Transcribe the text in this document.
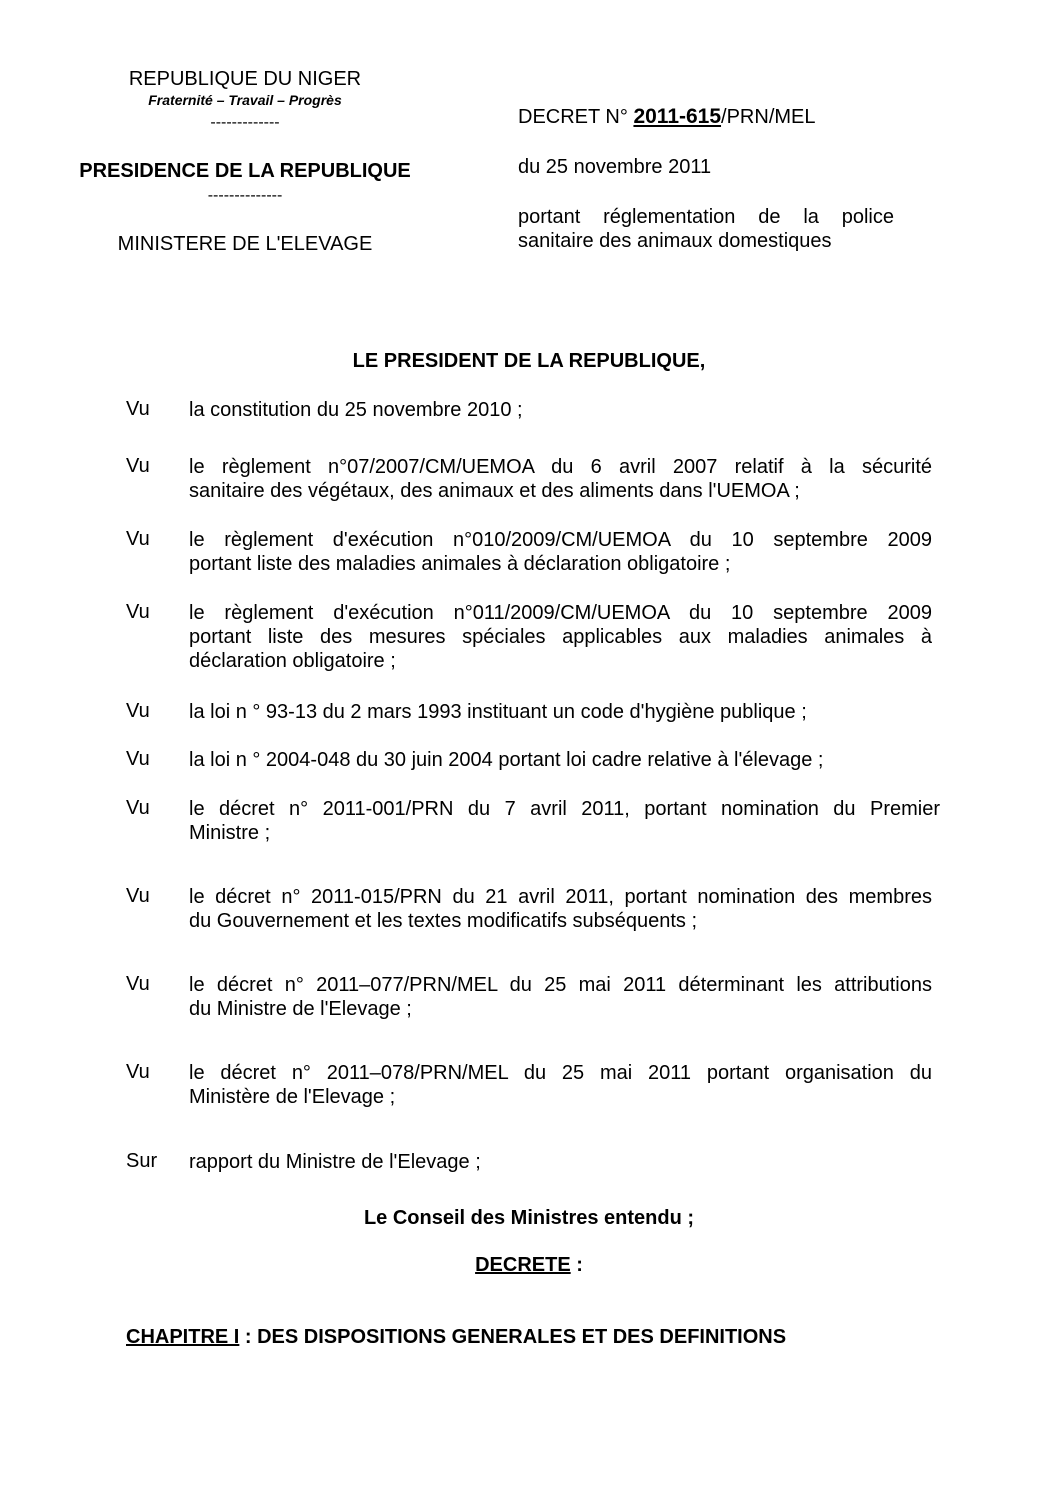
REPUBLIQUE DU NIGER
Fraternité – Travail – Progrès
-------------
PRESIDENCE DE LA REPUBLIQUE
--------------
MINISTERE DE L'ELEVAGE
DECRET N° 2011-615/PRN/MEL
du 25 novembre 2011
portant réglementation de la police
sanitaire des animaux domestiques
LE PRESIDENT DE LA REPUBLIQUE,
Vu la constitution du 25 novembre 2010 ;
Vu le règlement n°07/2007/CM/UEMOA du 6 avril 2007 relatif à la sécurité
sanitaire des végétaux, des animaux et des aliments dans l'UEMOA ;
Vu le règlement d'exécution n°010/2009/CM/UEMOA du 10 septembre 2009
portant liste des maladies animales à déclaration obligatoire ;
Vu le règlement d'exécution n°011/2009/CM/UEMOA du 10 septembre 2009
portant liste des mesures spéciales applicables aux maladies animales à
déclaration obligatoire ;
Vu la loi n ° 93-13 du 2 mars 1993 instituant un code d'hygiène publique ;
Vu la loi n ° 2004-048 du 30 juin 2004 portant loi cadre relative à l'élevage ;
Vu le décret n° 2011-001/PRN du 7 avril 2011, portant nomination du Premier
Ministre ;
Vu le décret n° 2011-015/PRN du 21 avril 2011, portant nomination des membres
du Gouvernement et les textes modificatifs subséquents ;
Vu le décret n° 2011–077/PRN/MEL du 25 mai 2011 déterminant les attributions
du Ministre de l'Elevage ;
Vu le décret n° 2011–078/PRN/MEL du 25 mai 2011 portant organisation du
Ministère de l'Elevage ;
Sur rapport du Ministre de l'Elevage ;
Le Conseil des Ministres entendu ;
DECRETE :
CHAPITRE I : DES DISPOSITIONS GENERALES ET DES DEFINITIONS
